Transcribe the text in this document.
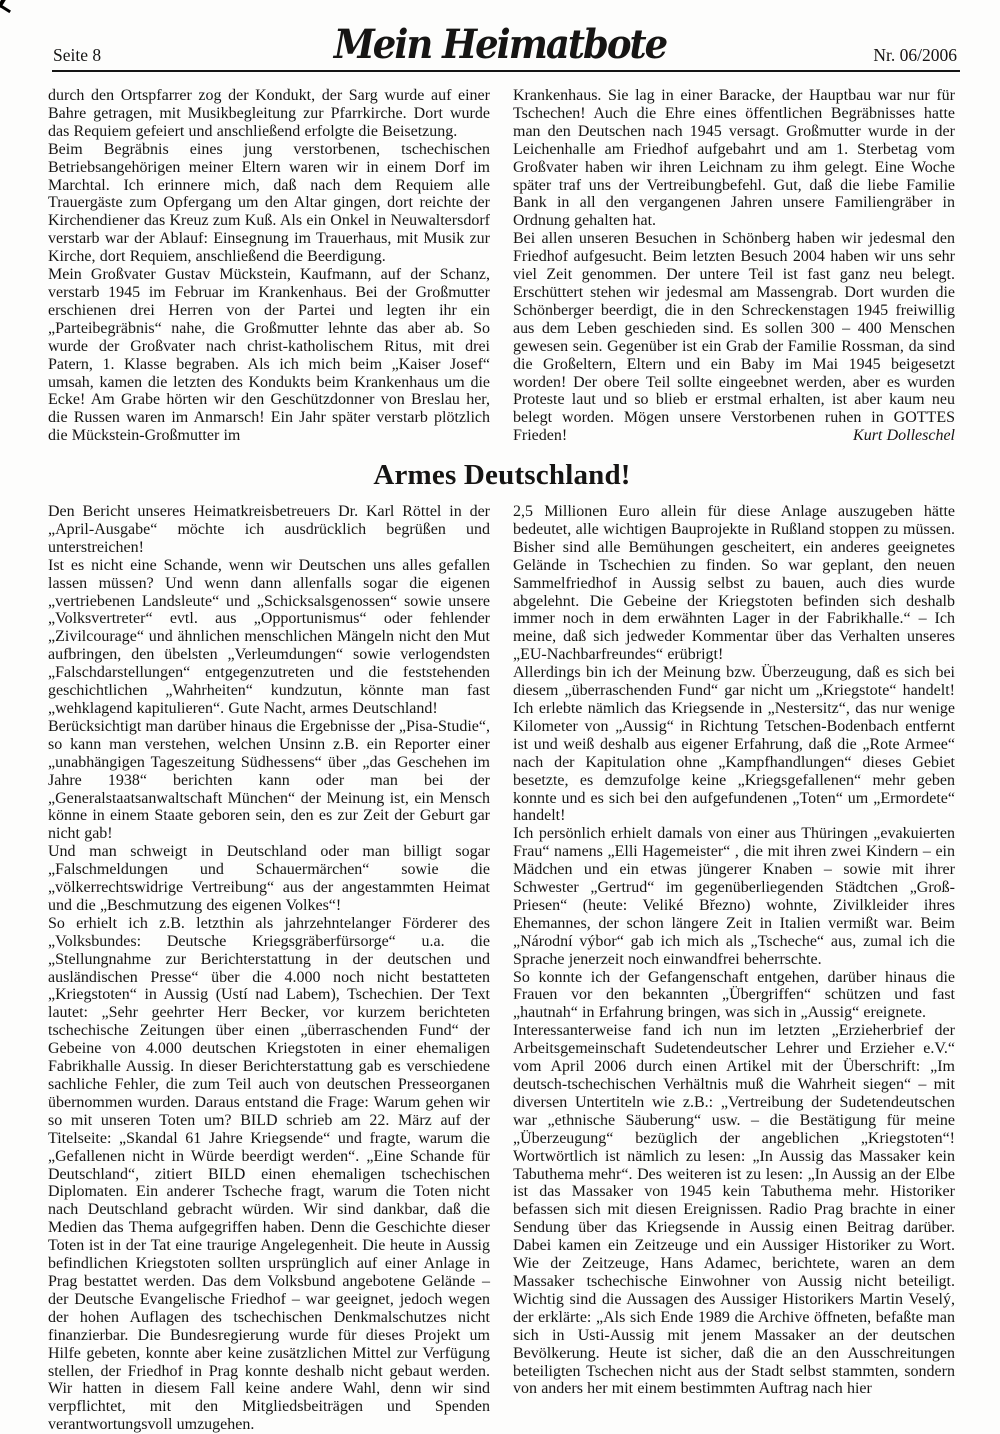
Seite 8	Mein Heimatbote	Nr. 06/2006

durch den Ortspfarrer zog der Kondukt, der Sarg wurde auf einer Bahre getragen, mit Musikbegleitung zur Pfarrkirche. Dort wurde das Requiem gefeiert und anschließend erfolgte die Beisetzung.

Beim Begräbnis eines jung verstorbenen, tschechischen Betriebsangehörigen meiner Eltern waren wir in einem Dorf im Marchtal. Ich erinnere mich, daß nach dem Requiem alle Trauergäste zum Opfergang um den Altar gingen, dort reichte der Kirchendiener das Kreuz zum Kuß. Als ein Onkel in Neuwaltersdorf verstarb war der Ablauf: Einsegnung im Trauerhaus, mit Musik zur Kirche, dort Requiem, anschließend die Beerdigung.

Mein Großvater Gustav Mückstein, Kaufmann, auf der Schanz, verstarb 1945 im Februar im Krankenhaus. Bei der Großmutter erschienen drei Herren von der Partei und legten ihr ein „Parteibegräbnis“ nahe, die Großmutter lehnte das aber ab. So wurde der Großvater nach christ-katholischem Ritus, mit drei Patern, 1. Klasse begraben. Als ich mich beim „Kaiser Josef“ umsah, kamen die letzten des Kondukts beim Krankenhaus um die Ecke! Am Grabe hörten wir den Geschützdonner von Breslau her, die Russen waren im Anmarsch! Ein Jahr später verstarb plötzlich die Mückstein-Großmutter im

Krankenhaus. Sie lag in einer Baracke, der Hauptbau war nur für Tschechen! Auch die Ehre eines öffentlichen Begräbnisses hatte man den Deutschen nach 1945 versagt. Großmutter wurde in der Leichenhalle am Friedhof aufgebahrt und am 1. Sterbetag vom Großvater haben wir ihren Leichnam zu ihm gelegt. Eine Woche später traf uns der Vertreibungbefehl. Gut, daß die liebe Familie Bank in all den vergangenen Jahren unsere Familiengräber in Ordnung gehalten hat.

Bei allen unseren Besuchen in Schönberg haben wir jedesmal den Friedhof aufgesucht. Beim letzten Besuch 2004 haben wir uns sehr viel Zeit genommen. Der untere Teil ist fast ganz neu belegt. Erschüttert stehen wir jedesmal am Massengrab. Dort wurden die Schönberger beerdigt, die in den Schreckenstagen 1945 freiwillig aus dem Leben geschieden sind. Es sollen 300 – 400 Menschen gewesen sein. Gegenüber ist ein Grab der Familie Rossman, da sind die Großeltern, Eltern und ein Baby im Mai 1945 beigesetzt worden! Der obere Teil sollte eingeebnet werden, aber es wurden Proteste laut und so blieb er erstmal erhalten, ist aber kaum neu belegt worden. Mögen unsere Verstorbenen ruhen in GOTTES Frieden!	Kurt Dolleschel

Armes Deutschland!

Den Bericht unseres Heimatkreisbetreuers Dr. Karl Röttel in der „April-Ausgabe“ möchte ich ausdrücklich begrüßen und unterstreichen!

Ist es nicht eine Schande, wenn wir Deutschen uns alles gefallen lassen müssen? Und wenn dann allenfalls sogar die eigenen „vertriebenen Landsleute“ und „Schicksalsgenossen“ sowie unsere „Volksvertreter“ evtl. aus „Opportunismus“ oder fehlender „Zivilcourage“ und ähnlichen menschlichen Mängeln nicht den Mut aufbringen, den übelsten „Verleumdungen“ sowie verlogendsten „Falschdarstellungen“ entgegenzutreten und die feststehenden geschichtlichen „Wahrheiten“ kundzutun, könnte man fast „wehklagend kapitulieren“. Gute Nacht, armes Deutschland!

Berücksichtigt man darüber hinaus die Ergebnisse der „Pisa-Studie“, so kann man verstehen, welchen Unsinn z.B. ein Reporter einer „unabhängigen Tageszeitung Südhessens“ über „das Geschehen im Jahre 1938“ berichten kann oder man bei der „Generalstaatsanwaltschaft München“ der Meinung ist, ein Mensch könne in einem Staate geboren sein, den es zur Zeit der Geburt gar nicht gab!

Und man schweigt in Deutschland oder man billigt sogar „Falschmeldungen und Schauermärchen“ sowie die „völkerrechtswidrige Vertreibung“ aus der angestammten Heimat und die „Beschmutzung des eigenen Volkes“!

So erhielt ich z.B. letzthin als jahrzehntelanger Förderer des „Volksbundes: Deutsche Kriegsgräberfürsorge“ u.a. die „Stellungnahme zur Berichterstattung in der deutschen und ausländischen Presse“ über die 4.000 noch nicht bestatteten „Kriegstoten“ in Aussig (Ustí nad Labem), Tschechien. Der Text lautet: „Sehr geehrter Herr Becker, vor kurzem berichteten tschechische Zeitungen über einen „überraschenden Fund“ der Gebeine von 4.000 deutschen Kriegstoten in einer ehemaligen Fabrikhalle Aussig. In dieser Berichterstattung gab es verschiedene sachliche Fehler, die zum Teil auch von deutschen Presseorganen übernommen wurden. Daraus entstand die Frage: Warum gehen wir so mit unseren Toten um? BILD schrieb am 22. März auf der Titelseite: „Skandal 61 Jahre Kriegsende“ und fragte, warum die „Gefallenen nicht in Würde beerdigt werden“. „Eine Schande für Deutschland“, zitiert BILD einen ehemaligen tschechischen Diplomaten. Ein anderer Tscheche fragt, warum die Toten nicht nach Deutschland gebracht würden. Wir sind dankbar, daß die Medien das Thema aufgegriffen haben. Denn die Geschichte dieser Toten ist in der Tat eine traurige Angelegenheit. Die heute in Aussig befindlichen Kriegstoten sollten ursprünglich auf einer Anlage in Prag bestattet werden. Das dem Volksbund angebotene Gelände – der Deutsche Evangelische Friedhof – war geeignet, jedoch wegen der hohen Auflagen des tschechischen Denkmalschutzes nicht finanzierbar. Die Bundesregierung wurde für dieses Projekt um Hilfe gebeten, konnte aber keine zusätzlichen Mittel zur Verfügung stellen, der Friedhof in Prag konnte deshalb nicht gebaut werden. Wir hatten in diesem Fall keine andere Wahl, denn wir sind verpflichtet, mit den Mitgliedsbeiträgen und Spenden verantwortungsvoll umzugehen.

2,5 Millionen Euro allein für diese Anlage auszugeben hätte bedeutet, alle wichtigen Bauprojekte in Rußland stoppen zu müssen. Bisher sind alle Bemühungen gescheitert, ein anderes geeignetes Gelände in Tschechien zu finden. So war geplant, den neuen Sammelfriedhof in Aussig selbst zu bauen, auch dies wurde abgelehnt. Die Gebeine der Kriegstoten befinden sich deshalb immer noch in dem erwähnten Lager in der Fabrikhalle.“ – Ich meine, daß sich jedweder Kommentar über das Verhalten unseres „EU-Nachbarfreundes“ erübrigt!

Allerdings bin ich der Meinung bzw. Überzeugung, daß es sich bei diesem „überraschenden Fund“ gar nicht um „Kriegstote“ handelt! Ich erlebte nämlich das Kriegsende in „Nestersitz“, das nur wenige Kilometer von „Aussig“ in Richtung Tetschen-Bodenbach entfernt ist und weiß deshalb aus eigener Erfahrung, daß die „Rote Armee“ nach der Kapitulation ohne „Kampfhandlungen“ dieses Gebiet besetzte, es demzufolge keine „Kriegsgefallenen“ mehr geben konnte und es sich bei den aufgefundenen „Toten“ um „Ermordete“ handelt!

Ich persönlich erhielt damals von einer aus Thüringen „evakuierten Frau“ namens „Elli Hagemeister“ , die mit ihren zwei Kindern – ein Mädchen und ein etwas jüngerer Knaben – sowie mit ihrer Schwester „Gertrud“ im gegenüberliegenden Städtchen „Groß-Priesen“ (heute: Veliké Březno) wohnte, Zivilkleider ihres Ehemannes, der schon längere Zeit in Italien vermißt war. Beim „Národní výbor“ gab ich mich als „Tscheche“ aus, zumal ich die Sprache jenerzeit noch einwandfrei beherrschte.

So konnte ich der Gefangenschaft entgehen, darüber hinaus die Frauen vor den bekannten „Übergriffen“ schützen und fast „hautnah“ in Erfahrung bringen, was sich in „Aussig“ ereignete.

Interessanterweise fand ich nun im letzten „Erzieherbrief der Arbeitsgemeinschaft Sudetendeutscher Lehrer und Erzieher e.V.“ vom April 2006 durch einen Artikel mit der Überschrift: „Im deutsch-tschechischen Verhältnis muß die Wahrheit siegen“ – mit diversen Untertiteln wie z.B.: „Vertreibung der Sudetendeutschen war „ethnische Säuberung“ usw. – die Bestätigung für meine „Überzeugung“ bezüglich der angeblichen „Kriegstoten“! Wortwörtlich ist nämlich zu lesen: „In Aussig das Massaker kein Tabuthema mehr“. Des weiteren ist zu lesen: „In Aussig an der Elbe ist das Massaker von 1945 kein Tabuthema mehr. Historiker befassen sich mit diesen Ereignissen. Radio Prag brachte in einer Sendung über das Kriegsende in Aussig einen Beitrag darüber. Dabei kamen ein Zeitzeuge und ein Aussiger Historiker zu Wort. Wie der Zeitzeuge, Hans Adamec, berichtete, waren an dem Massaker tschechische Einwohner von Aussig nicht beteiligt. Wichtig sind die Aussagen des Aussiger Historikers Martin Veselý, der erklärte: „Als sich Ende 1989 die Archive öffneten, befaßte man sich in Usti-Aussig mit jenem Massaker an der deutschen Bevölkerung. Heute ist sicher, daß die an den Ausschreitungen beteiligten Tschechen nicht aus der Stadt selbst stammten, sondern von anders her mit einem bestimmten Auftrag nach hier
